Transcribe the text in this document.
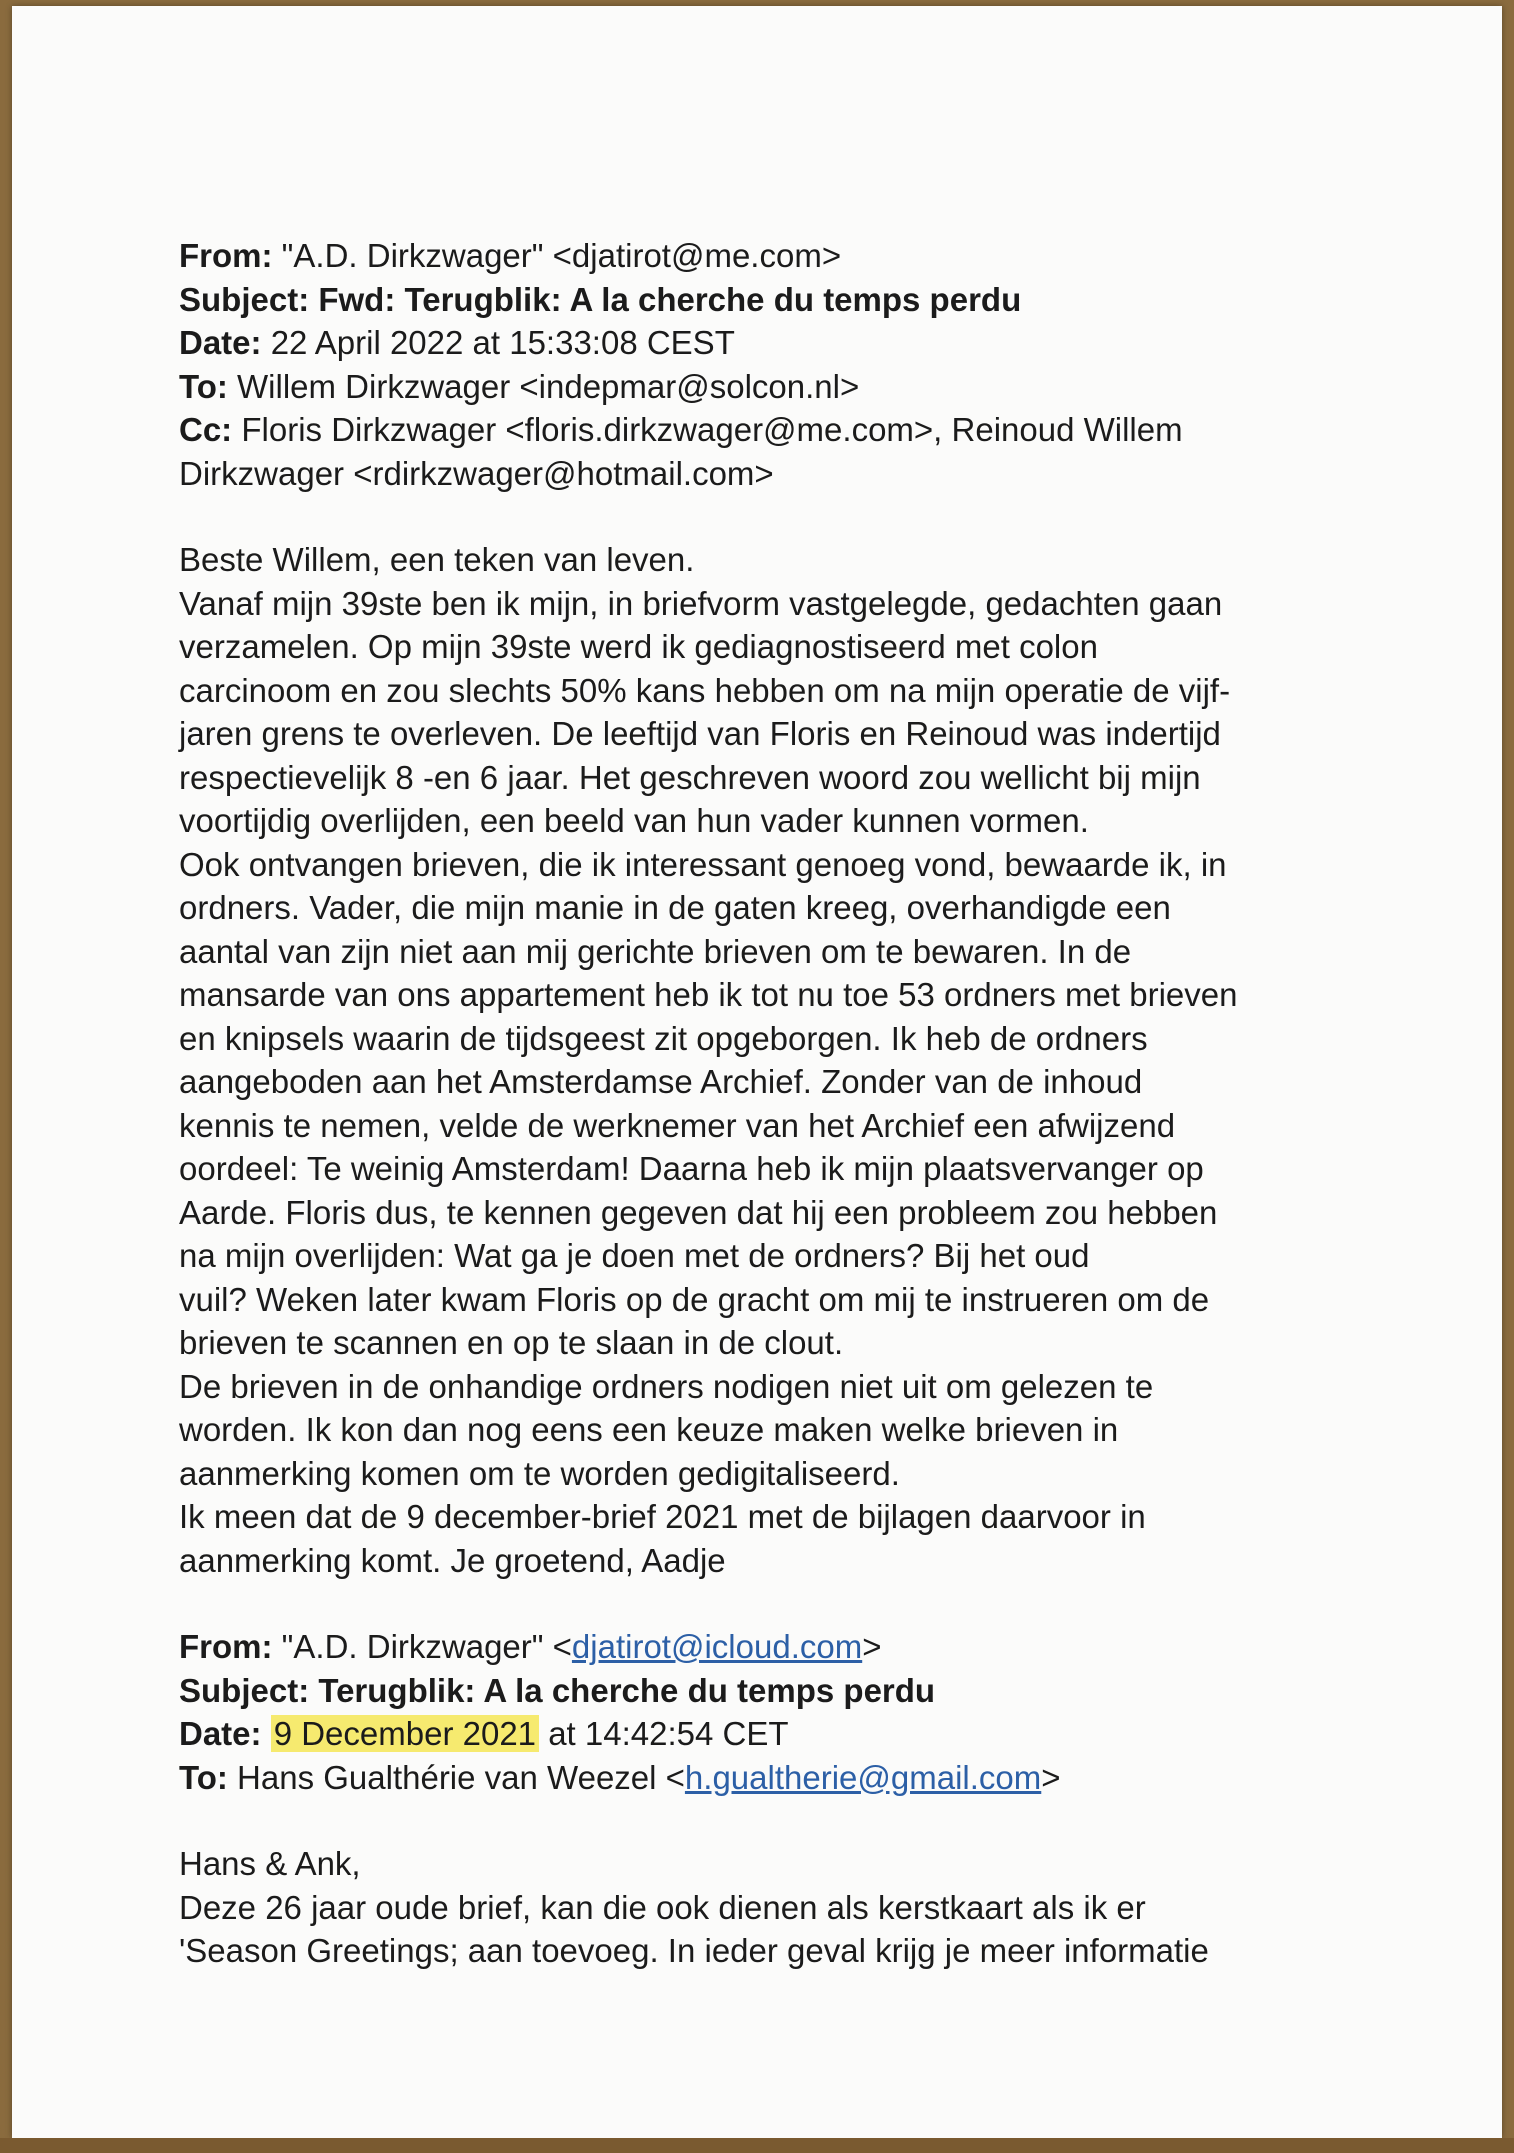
From: "A.D. Dirkzwager" <djatirot@me.com>
Subject: Fwd: Terugblik: A la cherche du temps perdu
Date: 22 April 2022 at 15:33:08 CEST
To: Willem Dirkzwager <indepmar@solcon.nl>
Cc: Floris Dirkzwager <floris.dirkzwager@me.com>, Reinoud Willem
Dirkzwager <rdirkzwager@hotmail.com>
Beste Willem, een teken van leven.
Vanaf mijn 39ste ben ik mijn, in briefvorm vastgelegde, gedachten gaan
verzamelen. Op mijn 39ste werd ik gediagnostiseerd met colon
carcinoom en zou slechts 50% kans hebben om na mijn operatie de vijf-
jaren grens te overleven. De leeftijd van Floris en Reinoud was indertijd
respectievelijk 8 -en 6 jaar. Het geschreven woord zou wellicht bij mijn
voortijdig overlijden, een beeld van hun vader kunnen vormen.
Ook ontvangen brieven, die ik interessant genoeg vond, bewaarde ik, in
ordners. Vader, die mijn manie in de gaten kreeg, overhandigde een
aantal van zijn niet aan mij gerichte brieven om te bewaren. In de
mansarde van ons appartement heb ik tot nu toe 53 ordners met brieven
en knipsels waarin de tijdsgeest zit opgeborgen. Ik heb de ordners
aangeboden aan het Amsterdamse Archief. Zonder van de inhoud
kennis te nemen, velde de werknemer van het Archief een afwijzend
oordeel: Te weinig Amsterdam! Daarna heb ik mijn plaatsvervanger op
Aarde. Floris dus, te kennen gegeven dat hij een probleem zou hebben
na mijn overlijden: Wat ga je doen met de ordners? Bij het oud
vuil? Weken later kwam Floris op de gracht om mij te instrueren om de
brieven te scannen en op te slaan in de clout.
De brieven in de onhandige ordners nodigen niet uit om gelezen te
worden. Ik kon dan nog eens een keuze maken welke brieven in
aanmerking komen om te worden gedigitaliseerd.
Ik meen dat de 9 december-brief 2021 met de bijlagen daarvoor in
aanmerking komt. Je groetend, Aadje
From: "A.D. Dirkzwager" <djatirot@icloud.com>
Subject: Terugblik: A la cherche du temps perdu
Date: 9 December 2021 at 14:42:54 CET
To: Hans Gualthérie van Weezel <h.gualtherie@gmail.com>
Hans & Ank,
Deze 26 jaar oude brief, kan die ook dienen als kerstkaart als ik er
'Season Greetings; aan toevoeg. In ieder geval krijg je meer informatie
